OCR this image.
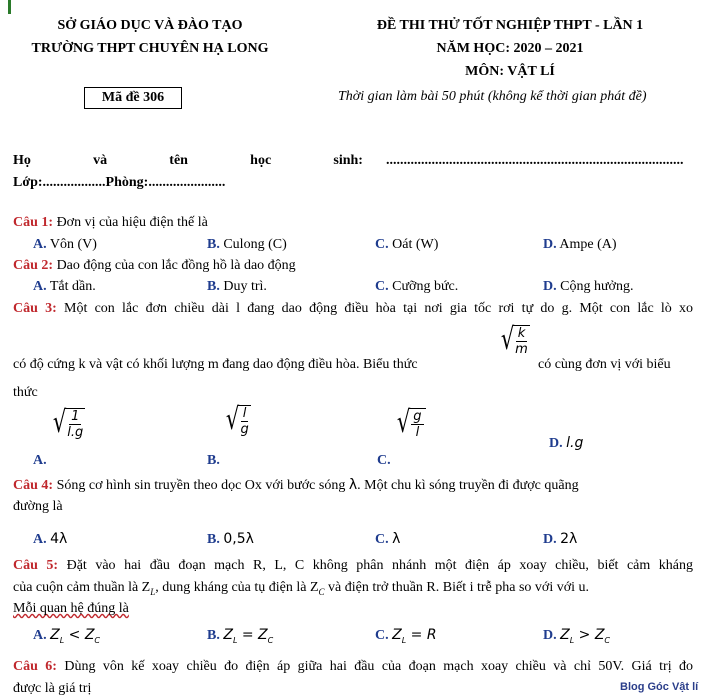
SỞ GIÁO DỤC VÀ ĐÀO TẠO
TRƯỜNG THPT CHUYÊN HẠ LONG
ĐỀ THI THỬ TỐT NGHIỆP THPT - LẦN 1
NĂM HỌC: 2020 – 2021
MÔN: VẬT LÍ
Mã đề 306	Thời gian làm bài 50 phút (không kể thời gian phát đề)
Họ	và	tên	học	sinh: .....................................................................................
Lớp:..................Phòng:......................
Câu 1: Đơn vị của hiệu điện thế là
A. Vôn (V)	B. Culong (C)	C. Oát (W)	D. Ampe (A)
Câu 2: Dao động của con lắc đồng hồ là dao động
A. Tắt dần.	B. Duy trì.	C. Cưỡng bức.	D. Cộng hưởng.
Câu 3: Một con lắc đơn chiều dài l đang dao động điều hòa tại nơi gia tốc rơi tự do g. Một con lắc lò xo
có độ cứng k và vật có khối lượng m đang dao động điều hòa. Biểu thức
√
$\frac{k}{m}$
có cùng đơn vị với biểu
thức
A.
√
$\frac{1}{l.g}$
B.
√
$\frac{l}{g}$
C.
√
$\frac{g}{l}$
D. l.g
Câu 4: Sóng cơ hình sin truyền theo dọc Ox với bước sóng λ. Một chu kì sóng truyền đi được quãng
đường là
A. 4λ	B. 0,5λ	C. λ	D. 2λ
Câu 5: Đặt vào hai đầu đoạn mạch R, L, C không phân nhánh một điện áp xoay chiều, biết cảm kháng
của cuộn cảm thuần là $Z_L$, dung kháng của tụ điện là $Z_C$ và điện trở thuần R. Biết i trễ pha so với với u.
Mỗi quan hệ đúng là
A. $Z_L < Z_C$	B. $Z_L = Z_C$	C. $Z_L = R$	D. $Z_L > Z_C$
Câu 6: Dùng vôn kế xoay chiều đo điện áp giữa hai đầu của đoạn mạch xoay chiều và chỉ 50V. Giá trị đo
được là giá trị	Blog Góc Vật lí
